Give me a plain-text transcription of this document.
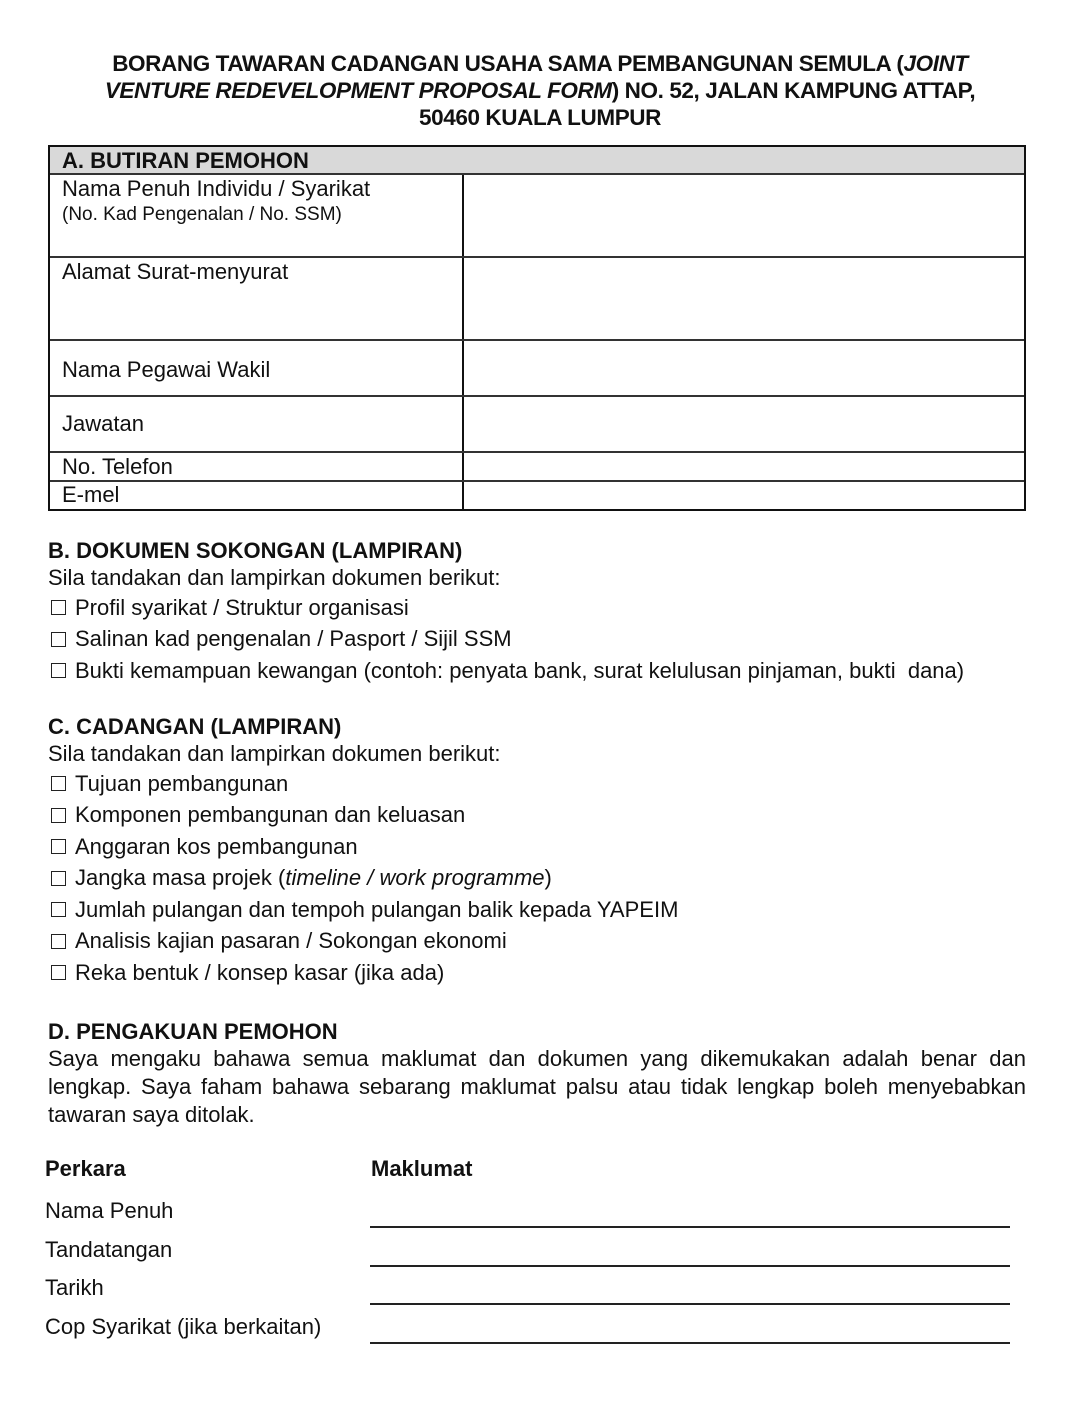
BORANG TAWARAN CADANGAN USAHA SAMA PEMBANGUNAN SEMULA (JOINT
VENTURE REDEVELOPMENT PROPOSAL FORM) NO. 52, JALAN KAMPUNG ATTAP,
50460 KUALA LUMPUR
A. BUTIRAN PEMOHON
Nama Penuh Individu / Syarikat
(No. Kad Pengenalan / No. SSM)
Alamat Surat-menyurat
Nama Pegawai Wakil
Jawatan
No. Telefon
E-mel
B. DOKUMEN SOKONGAN (LAMPIRAN)
Sila tandakan dan lampirkan dokumen berikut:
Profil syarikat / Struktur organisasi
Salinan kad pengenalan / Pasport / Sijil SSM
Bukti kemampuan kewangan (contoh: penyata bank, surat kelulusan pinjaman, bukti  dana)
C. CADANGAN (LAMPIRAN)
Sila tandakan dan lampirkan dokumen berikut:
Tujuan pembangunan
Komponen pembangunan dan keluasan
Anggaran kos pembangunan
Jangka masa projek (timeline / work programme)
Jumlah pulangan dan tempoh pulangan balik kepada YAPEIM
Analisis kajian pasaran / Sokongan ekonomi
Reka bentuk / konsep kasar (jika ada)
D. PENGAKUAN PEMOHON
Saya mengaku bahawa semua maklumat dan dokumen yang dikemukakan adalah benar dan lengkap. Saya faham bahawa sebarang maklumat palsu atau tidak lengkap boleh menyebabkan tawaran saya ditolak.
Perkara	Maklumat
Nama Penuh
Tandatangan
Tarikh
Cop Syarikat (jika berkaitan)
